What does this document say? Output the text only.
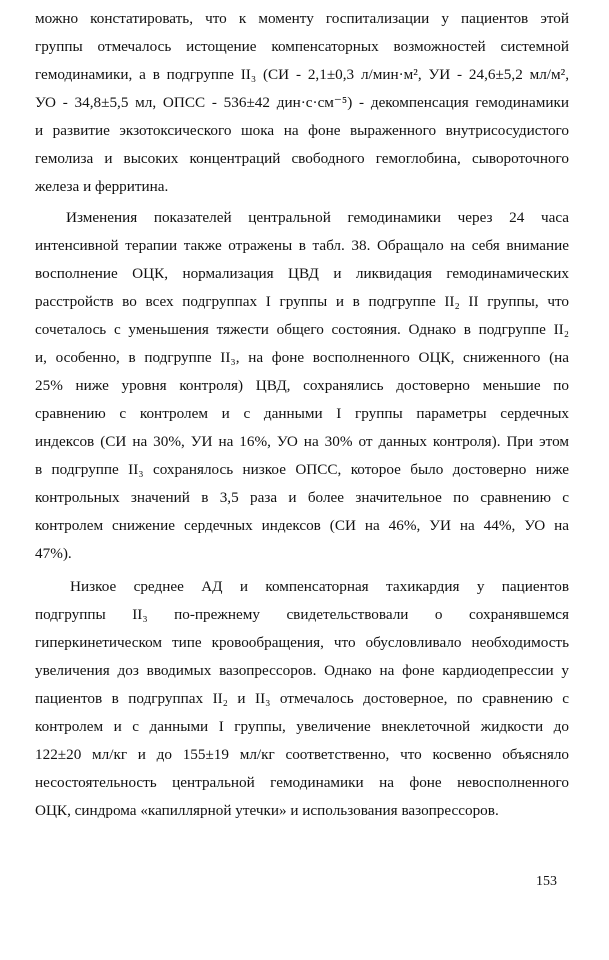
можно констатировать, что к моменту госпитализации у пациентов этой
группы отмечалось истощение компенсаторных возможностей системной
гемодинамики, а в подгруппе II₃ (СИ - 2,1±0,3 л/мин·м², УИ - 24,6±5,2 мл/м²,
УО - 34,8±5,5 мл, ОПСС - 536±42 дин·с·см⁻⁵) - декомпенсация гемодинамики
и развитие экзотоксического шока на фоне выраженного внутрисосудистого
гемолиза и высоких концентраций свободного гемоглобина, сывороточного
железа и ферритина.
Изменения показателей центральной гемодинамики через 24 часа
интенсивной терапии также отражены в табл. 38. Обращало на себя внимание
восполнение ОЦК, нормализация ЦВД и ликвидация гемодинамических
расстройств во всех подгруппах I группы и в подгруппе II₂ II группы, что
сочеталось с уменьшения тяжести общего состояния. Однако в подгруппе II₂
и, особенно, в подгруппе II₃, на фоне восполненного ОЦК, сниженного (на
25% ниже уровня контроля) ЦВД, сохранялись достоверно меньшие по
сравнению с контролем и с данными I группы параметры сердечных
индексов (СИ на 30%, УИ на 16%, УО на 30% от данных контроля). При этом
в подгруппе II₃ сохранялось низкое ОПСС, которое было достоверно ниже
контрольных значений в 3,5 раза и более значительное по сравнению с
контролем снижение сердечных индексов (СИ на 46%, УИ на 44%, УО на
47%).
Низкое среднее АД и компенсаторная тахикардия у пациентов
подгруппы II₃ по-прежнему свидетельствовали о сохранявшемся
гиперкинетическом типе кровообращения, что обусловливало необходимость
увеличения доз вводимых вазопрессоров. Однако на фоне кардиодепрессии у
пациентов в подгруппах II₂ и II₃ отмечалось достоверное, по сравнению с
контролем и с данными I группы, увеличение внеклеточной жидкости до
122±20 мл/кг и до 155±19 мл/кг соответственно, что косвенно объясняло
несостоятельность центральной гемодинамики на фоне невосполненного
ОЦК, синдрома «капиллярной утечки» и использования вазопрессоров.
153
